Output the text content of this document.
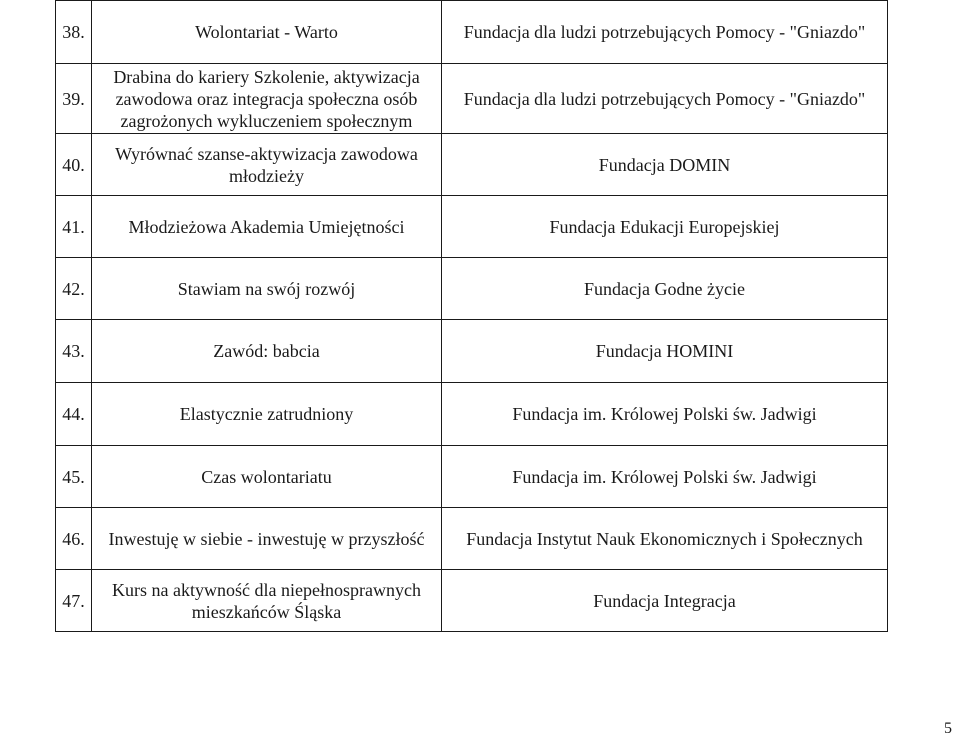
38.	Wolontariat - Warto	Fundacja dla ludzi potrzebujących Pomocy - "Gniazdo"
39.	Drabina do kariery Szkolenie, aktywizacja zawodowa oraz integracja społeczna osób zagrożonych wykluczeniem społecznym	Fundacja dla ludzi potrzebujących Pomocy - "Gniazdo"
40.	Wyrównać szanse-aktywizacja zawodowa młodzieży	Fundacja DOMIN
41.	Młodzieżowa Akademia Umiejętności	Fundacja Edukacji Europejskiej
42.	Stawiam na swój rozwój	Fundacja Godne życie
43.	Zawód: babcia	Fundacja HOMINI
44.	Elastycznie zatrudniony	Fundacja im. Królowej Polski św. Jadwigi
45.	Czas wolontariatu	Fundacja im. Królowej Polski św. Jadwigi
46.	Inwestuję w siebie - inwestuję w przyszłość	Fundacja Instytut Nauk Ekonomicznych i Społecznych
47.	Kurs na aktywność dla niepełnosprawnych mieszkańców Śląska	Fundacja Integracja
5
